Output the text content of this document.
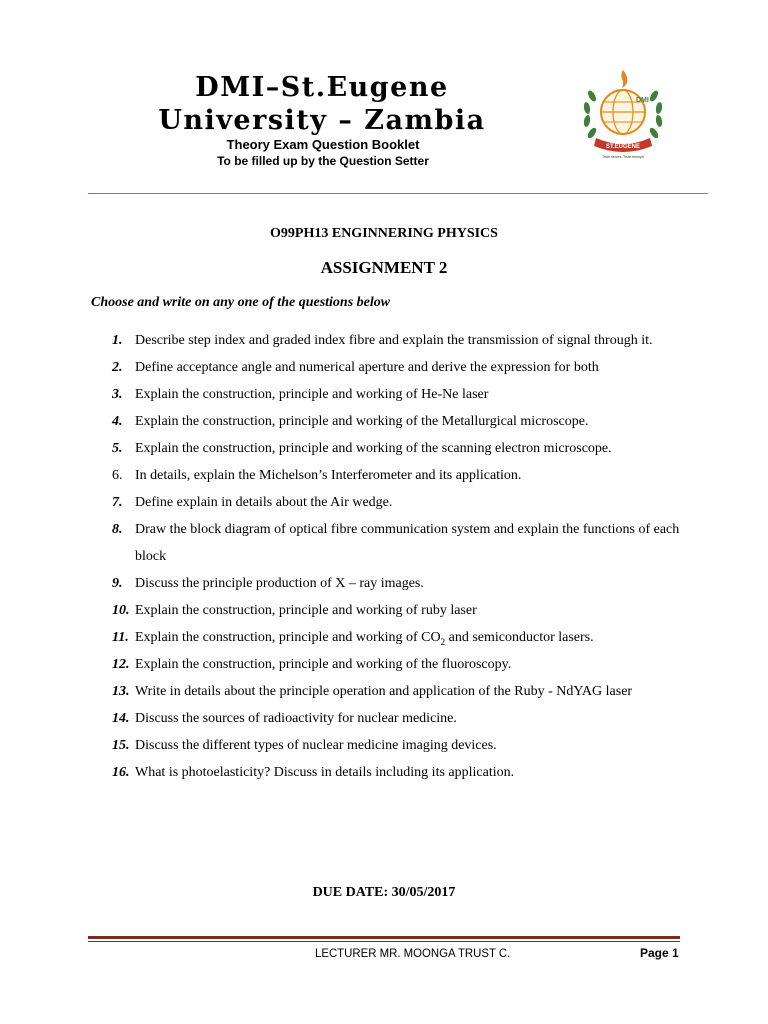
DMI–St.Eugene
University – Zambia
Theory Exam Question Booklet
To be filled up by the Question Setter
DMI
ST.EUGENE
Truth serves. Truth triumph
O99PH13 ENGINNERING PHYSICS
ASSIGNMENT 2
Choose and write on any one of the questions below
1. Describe step index and graded index fibre and explain the transmission of signal through it.
2. Define acceptance angle and numerical aperture and derive the expression for both
3. Explain the construction, principle and working of He-Ne laser
4. Explain the construction, principle and working of the Metallurgical microscope.
5. Explain the construction, principle and working of the scanning electron microscope.
6. In details, explain the Michelson’s Interferometer and its application.
7. Define explain in details about the Air wedge.
8. Draw the block diagram of optical fibre communication system and explain the functions of each block
9. Discuss the principle production of X – ray images.
10. Explain the construction, principle and working of ruby laser
11. Explain the construction, principle and working of $CO_2$ and semiconductor lasers.
12. Explain the construction, principle and working of the fluoroscopy.
13. Write in details about the principle operation and application of the Ruby - NdYAG laser
14. Discuss the sources of radioactivity for nuclear medicine.
15. Discuss the different types of nuclear medicine imaging devices.
16. What is photoelasticity? Discuss in details including its application.
DUE DATE: 30/05/2017
LECTURER MR. MOONGA TRUST C.	Page 1
